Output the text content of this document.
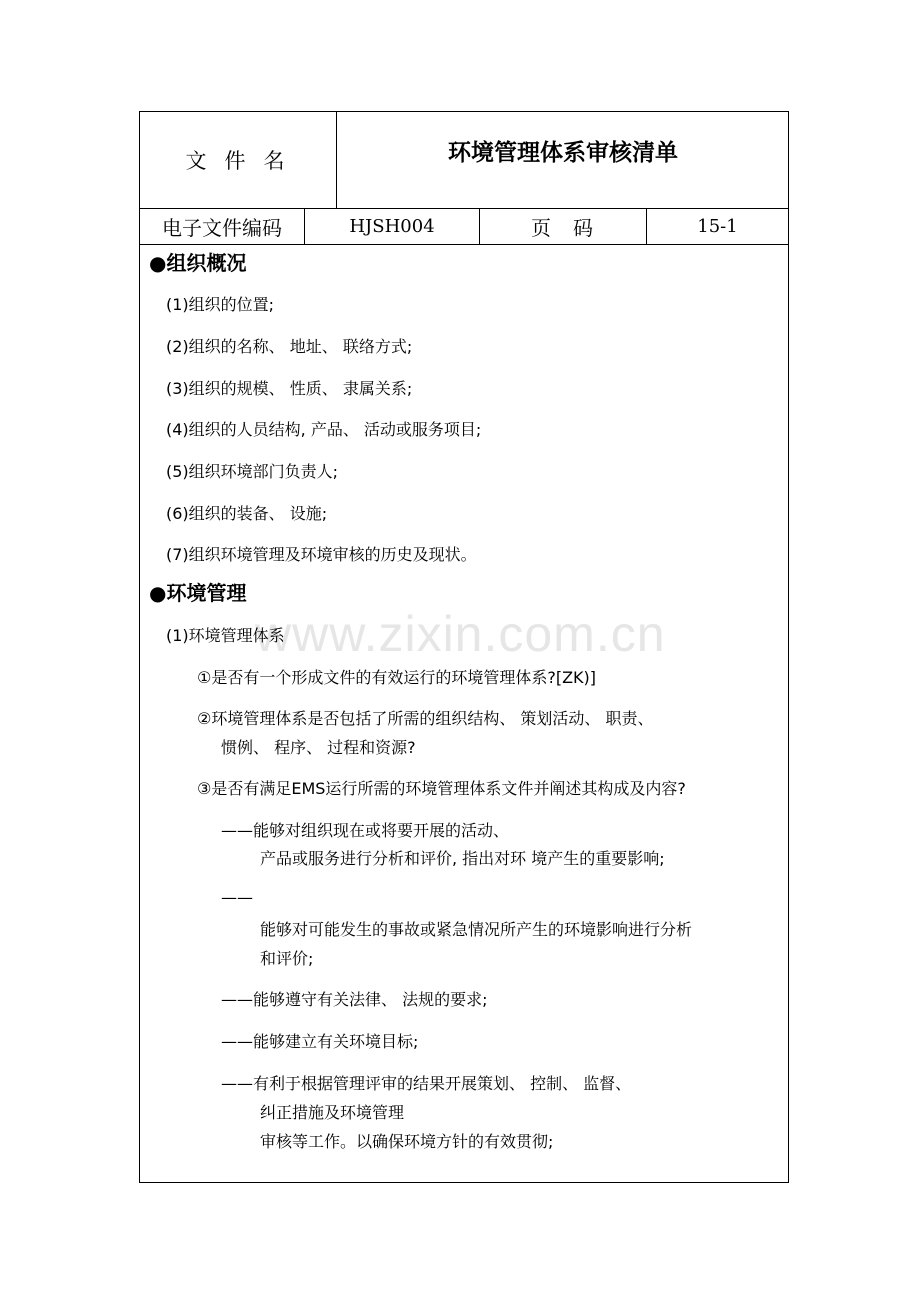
www.zixin.com.cn
文件名	环境管理体系审核清单
电子文件编码	HJSH004	页码	15-1
●组织概况
(1)组织的位置;
(2)组织的名称、 地址、 联络方式;
(3)组织的规模、 性质、 隶属关系;
(4)组织的人员结构, 产品、 活动或服务项目;
(5)组织环境部门负责人;
(6)组织的装备、 设施;
(7)组织环境管理及环境审核的历史及现状。
●环境管理
(1)环境管理体系
①是否有一个形成文件的有效运行的环境管理体系?[ZK)]
②环境管理体系是否包括了所需的组织结构、 策划活动、 职责、
惯例、 程序、 过程和资源?
③是否有满足EMS运行所需的环境管理体系文件并阐述其构成及内容?
——能够对组织现在或将要开展的活动、
产品或服务进行分析和评价, 指出对环 境产生的重要影响;
——
能够对可能发生的事故或紧急情况所产生的环境影响进行分析
和评价;
——能够遵守有关法律、 法规的要求;
——能够建立有关环境目标;
——有利于根据管理评审的结果开展策划、 控制、 监督、
纠正措施及环境管理
审核等工作。以确保环境方针的有效贯彻;
